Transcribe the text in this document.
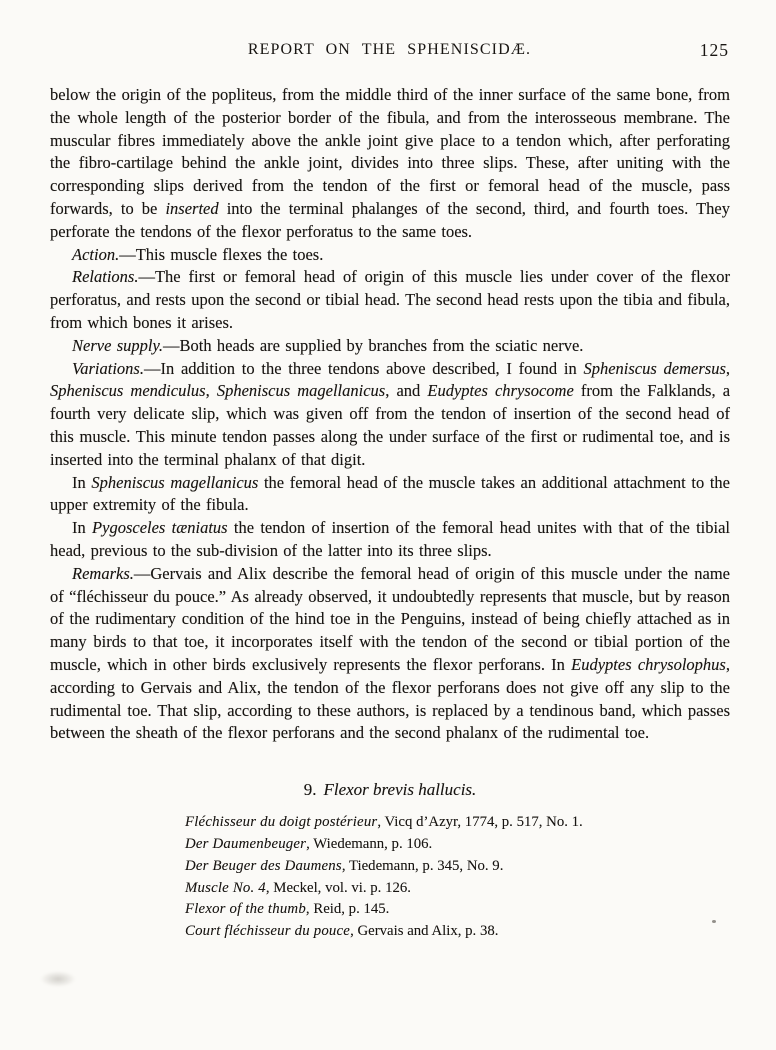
REPORT ON THE SPHENISCIDÆ.	125

below the origin of the popliteus, from the middle third of the inner surface of the same bone, from the whole length of the posterior border of the fibula, and from the interosseous membrane. The muscular fibres immediately above the ankle joint give place to a tendon which, after perforating the fibro-cartilage behind the ankle joint, divides into three slips. These, after uniting with the corresponding slips derived from the tendon of the first or femoral head of the muscle, pass forwards, to be inserted into the terminal phalanges of the second, third, and fourth toes. They perforate the tendons of the flexor perforatus to the same toes.

Action.—This muscle flexes the toes.

Relations.—The first or femoral head of origin of this muscle lies under cover of the flexor perforatus, and rests upon the second or tibial head. The second head rests upon the tibia and fibula, from which bones it arises.

Nerve supply.—Both heads are supplied by branches from the sciatic nerve.

Variations.—In addition to the three tendons above described, I found in Spheniscus demersus, Spheniscus mendiculus, Spheniscus magellanicus, and Eudyptes chrysocome from the Falklands, a fourth very delicate slip, which was given off from the tendon of insertion of the second head of this muscle. This minute tendon passes along the under surface of the first or rudimental toe, and is inserted into the terminal phalanx of that digit.

In Spheniscus magellanicus the femoral head of the muscle takes an additional attachment to the upper extremity of the fibula.

In Pygosceles tæniatus the tendon of insertion of the femoral head unites with that of the tibial head, previous to the sub-division of the latter into its three slips.

Remarks.—Gervais and Alix describe the femoral head of origin of this muscle under the name of “fléchisseur du pouce.” As already observed, it undoubtedly represents that muscle, but by reason of the rudimentary condition of the hind toe in the Penguins, instead of being chiefly attached as in many birds to that toe, it incorporates itself with the tendon of the second or tibial portion of the muscle, which in other birds exclusively represents the flexor perforans. In Eudyptes chrysolophus, according to Gervais and Alix, the tendon of the flexor perforans does not give off any slip to the rudimental toe. That slip, according to these authors, is replaced by a tendinous band, which passes between the sheath of the flexor perforans and the second phalanx of the rudimental toe.

9. Flexor brevis hallucis.
Fléchisseur du doigt postérieur, Vicq d’Azyr, 1774, p. 517, No. 1.
Der Daumenbeuger, Wiedemann, p. 106.
Der Beuger des Daumens, Tiedemann, p. 345, No. 9.
Muscle No. 4, Meckel, vol. vi. p. 126.
Flexor of the thumb, Reid, p. 145.
Court fléchisseur du pouce, Gervais and Alix, p. 38.
